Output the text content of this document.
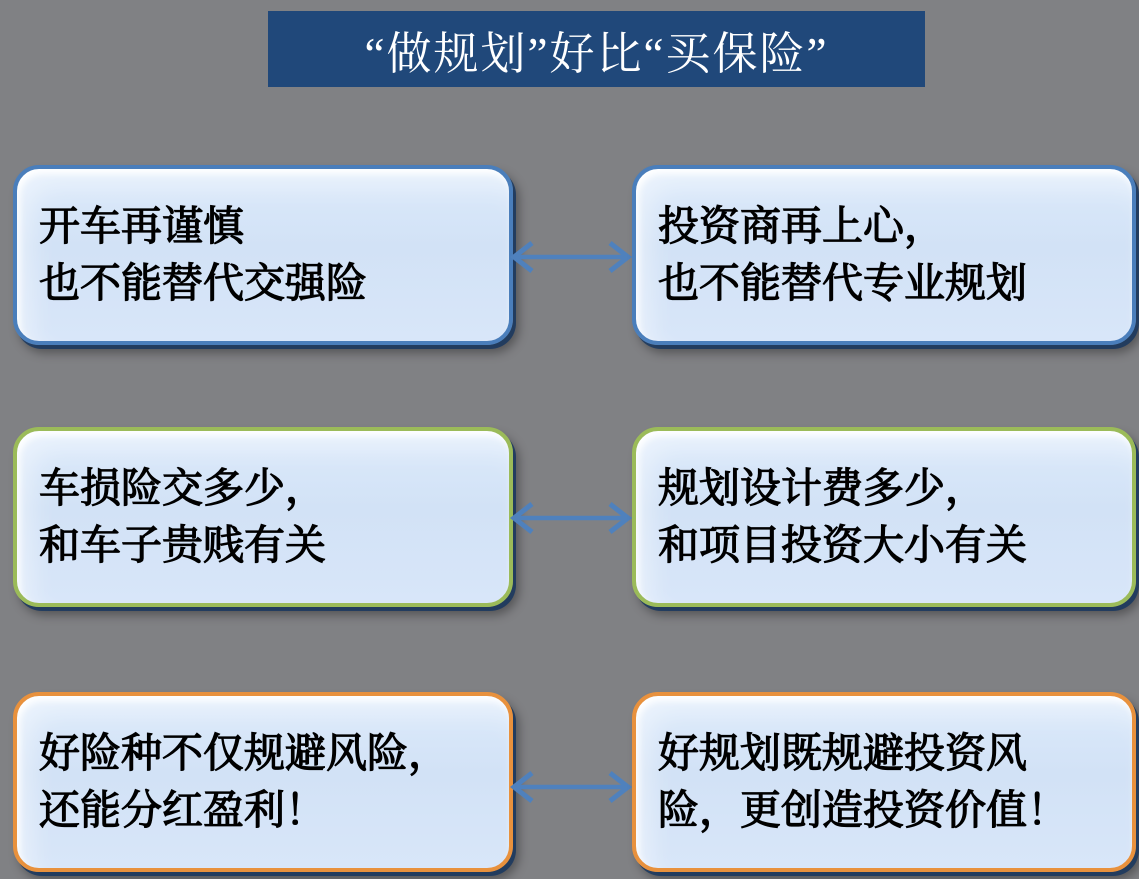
“做规划”好比“买保险”
开车再谨慎
也不能替代交强险
投资商再上心，
也不能替代专业规划
车损险交多少，
和车子贵贱有关
规划设计费多少，
和项目投资大小有关
好险种不仅规避风险，
还能分红盈利！
好规划既规避投资风
险，更创造投资价值！
